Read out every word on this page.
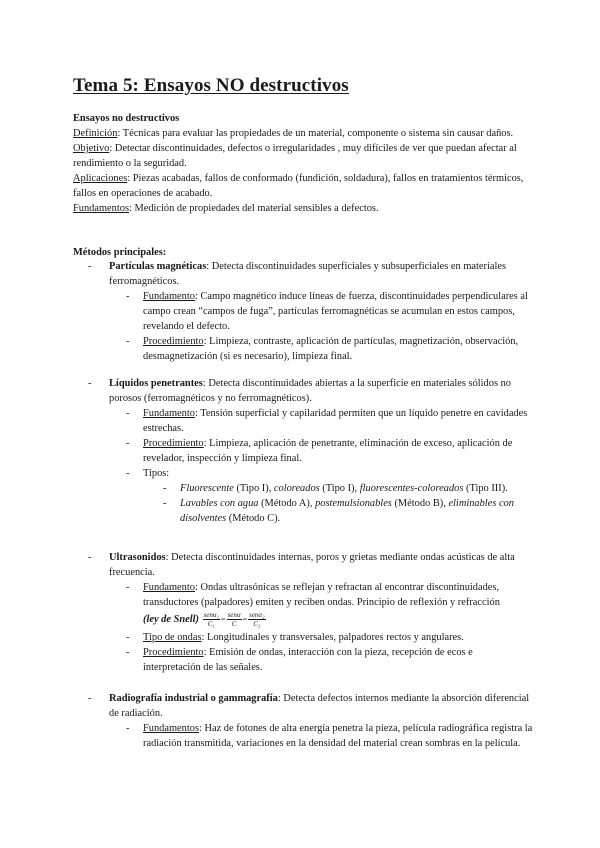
Tema 5: Ensayos NO destructivos
Ensayos no destructivos
Definición: Técnicas para evaluar las propiedades de un material, componente o sistema sin causar daños.
Objetivo: Detectar discontinuidades, defectos o irregularidades , muy difíciles de ver que puedan afectar al rendimiento o la seguridad.
Aplicaciones: Piezas acabadas, fallos de conformado (fundición, soldadura), fallos en tratamientos térmicos, fallos en operaciones de acabado.
Fundamentos: Medición de propiedades del material sensibles a defectos.
Métodos principales:
- Partículas magnéticas: Detecta discontinuidades superficiales y subsuperficiales en materiales ferromagnéticos.
- Fundamento: Campo magnético induce líneas de fuerza, discontinuidades perpendiculares al campo crean “campos de fuga”, partículas ferromagnéticas se acumulan en estos campos, revelando el defecto.
- Procedimiento: Limpieza, contraste, aplicación de partículas, magnetización, observación, desmagnetización (si es necesario), limpieza final.
- Líquidos penetrantes: Detecta discontinuidades abiertas a la superficie en materiales sólidos no porosos (ferromagnéticos y no ferromagnéticos).
- Fundamento: Tensión superficial y capilaridad permiten que un líquido penetre en cavidades estrechas.
- Procedimiento: Limpieza, aplicación de penetrante, eliminación de exceso, aplicación de revelador, inspección y limpieza final.
- Tipos:
- Fluorescente (Tipo I), coloreados (Tipo I), fluorescentes-coloreados (Tipo III).
- Lavables con agua (Método A), postemulsionables (Método B), eliminables con disolventes (Método C).
- Ultrasonidos: Detecta discontinuidades internas, poros y grietas mediante ondas acústicas de alta frecuencia.
- Fundamento: Ondas ultrasónicas se reflejan y refractan al encontrar discontinuidades, transductores (palpadores) emiten y reciben ondas. Principio de reflexión y refracción
(ley de Snell) $\frac{\text{senα₁}}{\text{C₁}} = \frac{\text{senα}}{C} = \frac{\text{senα₂}}{\text{C₂}}$
- Tipo de ondas: Longitudinales y transversales, palpadores rectos y angulares.
- Procedimiento: Emisión de ondas, interacción con la pieza, recepción de ecos e interpretación de las señales.
- Radiografía industrial o gammagrafía: Detecta defectos internos mediante la absorción diferencial de radiación.
- Fundamentos: Haz de fotones de alta energía penetra la pieza, película radiográfica registra la radiación transmitida, variaciones en la densidad del material crean sombras en la película.
